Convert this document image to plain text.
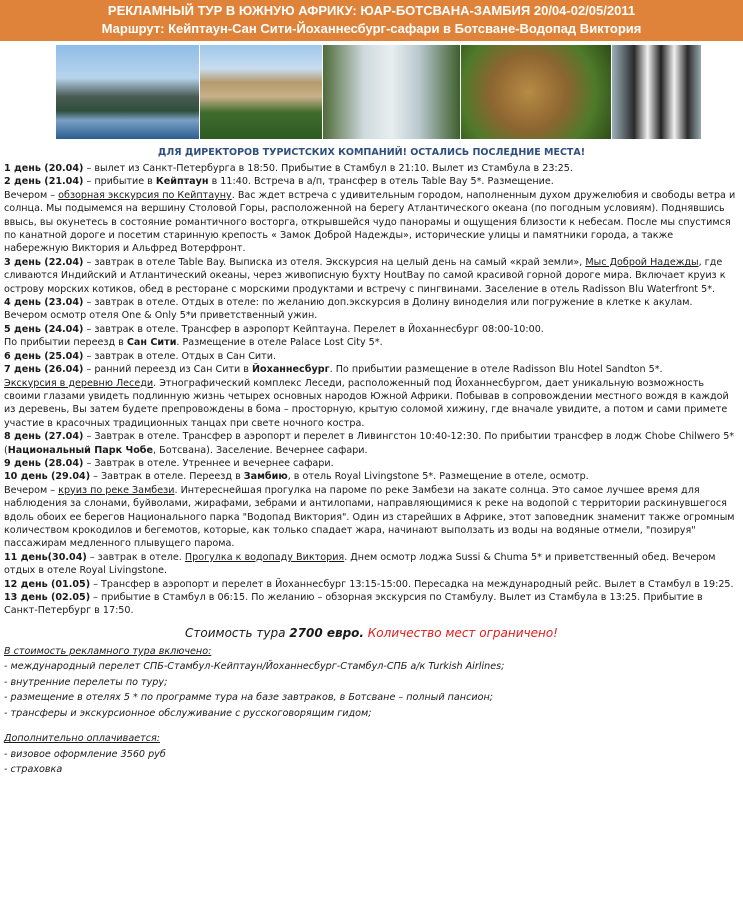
РЕКЛАМНЫЙ ТУР В ЮЖНУЮ АФРИКУ: ЮАР-БОТСВАНА-ЗАМБИЯ 20/04-02/05/2011
Маршрут: Кейптаун-Сан Сити-Йоханнесбург-сафари в Ботсване-Водопад Виктория
ДЛЯ ДИРЕКТОРОВ ТУРИСТСКИХ КОМПАНИЙ! ОСТАЛИСЬ ПОСЛЕДНИЕ МЕСТА!

1 день (20.04) – вылет из Санкт-Петербурга в 18:50. Прибытие в Стамбул в 21:10. Вылет из Стамбула в 23:25.

2 день (21.04) – прибытие в Кейптаун в 11:40. Встреча в а/п, трансфер в отель Table Bay 5*. Размещение.

Вечером – обзорная экскурсия по Кейптауну. Вас ждет встреча с удивительным городом, наполненным духом дружелюбия и свободы ветра и солнца. Мы подымемся на вершину Столовой Горы, расположенной на берегу Атлантического океана (по погодным условиям). Поднявшись ввысь, вы окунетесь в состояние романтичного восторга, открывшейся чудо панорамы и ощущения близости к небесам. После мы спустимся по канатной дороге и посетим старинную крепость « Замок Доброй Надежды», исторические улицы и памятники города, а также набережную Виктория и Альфред Вотерфронт.

3 день (22.04) – завтрак в отеле Table Bay. Выписка из отеля. Экскурсия на целый день на самый «край земли», Мыс Доброй Надежды, где сливаются Индийский и Атлантический океаны, через живописную бухту HoutBay по самой красивой горной дороге мира. Включает круиз к острову морских котиков, обед в ресторане с морскими продуктами и встречу с пингвинами. Заселение в отель Radisson Blu Waterfront 5*.

4 день (23.04) – завтрак в отеле. Отдых в отеле: по желанию доп.экскурсия в Долину виноделия или погружение в клетке к акулам. Вечером осмотр отеля One & Only 5*и приветственный ужин.

5 день (24.04) – завтрак в отеле. Трансфер в аэропорт Кейптауна. Перелет в Йоханнесбург 08:00-10:00.

По прибытии переезд в Сан Сити. Размещение в отеле Palace Lost City 5*.

6 день (25.04) – завтрак в отеле. Отдых в Сан Сити.

7 день (26.04) – ранний переезд из Сан Сити в Йоханнесбург. По прибытии размещение в отеле Radisson Blu Hotel Sandton 5*.

Экскурсия в деревню Леседи. Этнографический комплекс Леседи, расположенный под Йоханнесбургом, дает уникальную возможность своими глазами увидеть подлинную жизнь четырех основных народов Южной Африки. Побывав в сопровождении местного вождя в каждой из деревень, Вы затем будете препровождены в бома – просторную, крытую соломой хижину, где вначале увидите, а потом и сами примете участие в красочных традиционных танцах при свете ночного костра.

8 день (27.04) – Завтрак в отеле. Трансфер в аэропорт и перелет в Ливингстон 10:40-12:30. По прибытии трансфер в лодж Chobe Chilwero 5*(Национальный Парк Чобе, Ботсвана). Заселение. Вечернее сафари.

9 день (28.04) – Завтрак в отеле. Утреннее и вечернее сафари.

10 день (29.04) – Завтрак в отеле. Переезд в Замбию, в отель Royal Livingstone 5*. Размещение в отеле, осмотр.

Вечером – круиз по реке Замбези. Интереснейшая прогулка на пароме по реке Замбези на закате солнца. Это самое лучшее время для наблюдения за слонами, буйволами, жирафами, зебрами и антилопами, направляющимися к реке на водопой с территории раскинувшегося вдоль обоих ее берегов Национального парка "Водопад Виктория". Один из старейших в Африке, этот заповедник знаменит также огромным количеством крокодилов и бегемотов, которые, как только спадает жара, начинают выползать из воды на водяные отмели, "позируя" пассажирам медленного плывущего парома.

11 день(30.04) – завтрак в отеле. Прогулка к водопаду Виктория. Днем осмотр лоджа Sussi & Chuma 5* и приветственный обед. Вечером отдых в отеле Royal Livingstone.

12 день (01.05) – Трансфер в аэропорт и перелет в Йоханнесбург 13:15-15:00. Пересадка на международный рейс. Вылет в Стамбул в 19:25.

13 день (02.05) – прибытие в Стамбул в 06:15. По желанию – обзорная экскурсия по Стамбулу. Вылет из Стамбула в 13:25. Прибытие в Санкт-Петербург в 17:50.

Стоимость тура 2700 евро. Количество мест ограничено!
В стоимость рекламного тура включено:
- международный перелет СПБ-Стамбул-Кейптаун/Йоханнесбург-Стамбул-СПБ а/к Turkish Airlines;
- внутренние перелеты по туру;
- размещение в отелях 5 * по программе тура на базе завтраков, в Ботсване – полный пансион;
- трансферы и экскурсионное обслуживание с русскоговорящим гидом;
Дополнительно оплачивается:
- визовое оформление 3560 руб
- страховка
